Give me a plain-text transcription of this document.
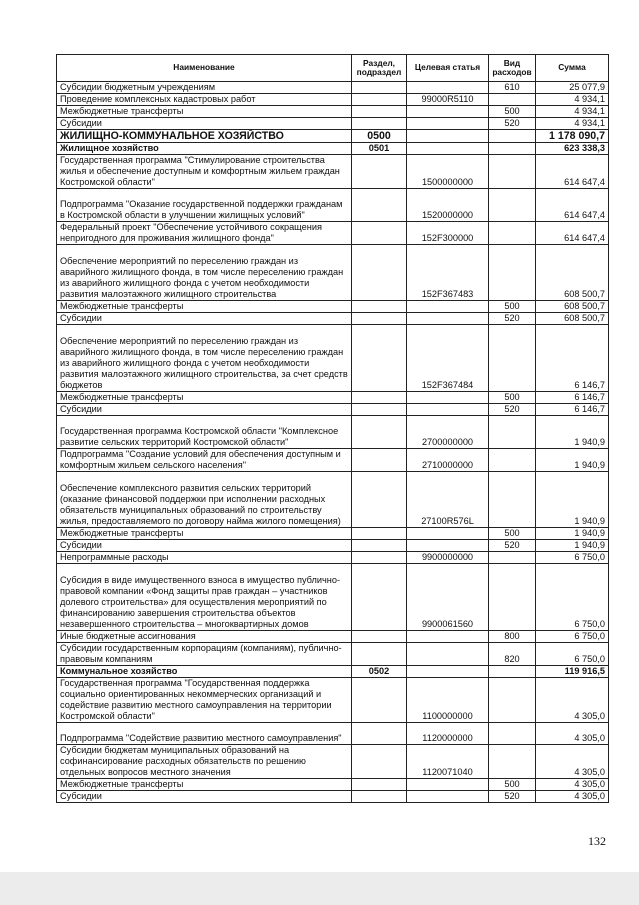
Наименование	Раздел, подраздел	Целевая статья	Вид расходов	Сумма
Субсидии бюджетным учреждениям			610	25 077,9
Проведение комплексных кадастровых работ		99000R5110		4 934,1
Межбюджетные трансферты			500	4 934,1
Субсидии			520	4 934,1
ЖИЛИЩНО-КОММУНАЛЬНОЕ ХОЗЯЙСТВО	0500			1 178 090,7
Жилищное хозяйство	0501			623 338,3
Государственная программа "Стимулирование строительства жилья и обеспечение доступным и комфортным жильем граждан Костромской области"		1500000000		614 647,4
Подпрограмма "Оказание государственной поддержки гражданам в Костромской области в улучшении жилищных условий"		1520000000		614 647,4
Федеральный проект "Обеспечение устойчивого сокращения непригодного для проживания жилищного фонда"		152F300000		614 647,4
Обеспечение мероприятий по переселению граждан из аварийного жилищного фонда, в том числе переселению граждан из аварийного жилищного фонда с учетом необходимости развития малоэтажного жилищного строительства		152F367483		608 500,7
Межбюджетные трансферты			500	608 500,7
Субсидии			520	608 500,7
Обеспечение мероприятий по переселению граждан из аварийного жилищного фонда, в том числе переселению граждан из аварийного жилищного фонда с учетом необходимости развития малоэтажного жилищного строительства, за счет средств бюджетов		152F367484		6 146,7
Межбюджетные трансферты			500	6 146,7
Субсидии			520	6 146,7
Государственная программа Костромской области "Комплексное развитие сельских территорий Костромской области"		2700000000		1 940,9
Подпрограмма "Создание условий для обеспечения доступным и комфортным жильем сельского населения"		2710000000		1 940,9
Обеспечение комплексного развития сельских территорий (оказание финансовой поддержки при исполнении расходных обязательств муниципальных образований по строительству жилья, предоставляемого по договору найма жилого помещения)		27100R576L		1 940,9
Межбюджетные трансферты			500	1 940,9
Субсидии			520	1 940,9
Непрограммные расходы		9900000000		6 750,0
Субсидия в виде имущественного взноса в имущество публично-правовой компании «Фонд защиты прав граждан – участников долевого строительства» для осуществления мероприятий по финансированию завершения строительства объектов незавершенного строительства – многоквартирных домов		9900061560		6 750,0
Иные бюджетные ассигнования			800	6 750,0
Субсидии государственным корпорациям (компаниям), публично-правовым компаниям			820	6 750,0
Коммунальное хозяйство	0502			119 916,5
Государственная программа "Государственная поддержка социально ориентированных некоммерческих организаций и содействие развитию местного самоуправления на территории Костромской области"		1100000000		4 305,0
Подпрограмма "Содействие развитию местного самоуправления"		1120000000		4 305,0
Субсидии бюджетам муниципальных образований на софинансирование расходных обязательств по решению отдельных вопросов местного значения		1120071040		4 305,0
Межбюджетные трансферты			500	4 305,0
Субсидии			520	4 305,0
132
